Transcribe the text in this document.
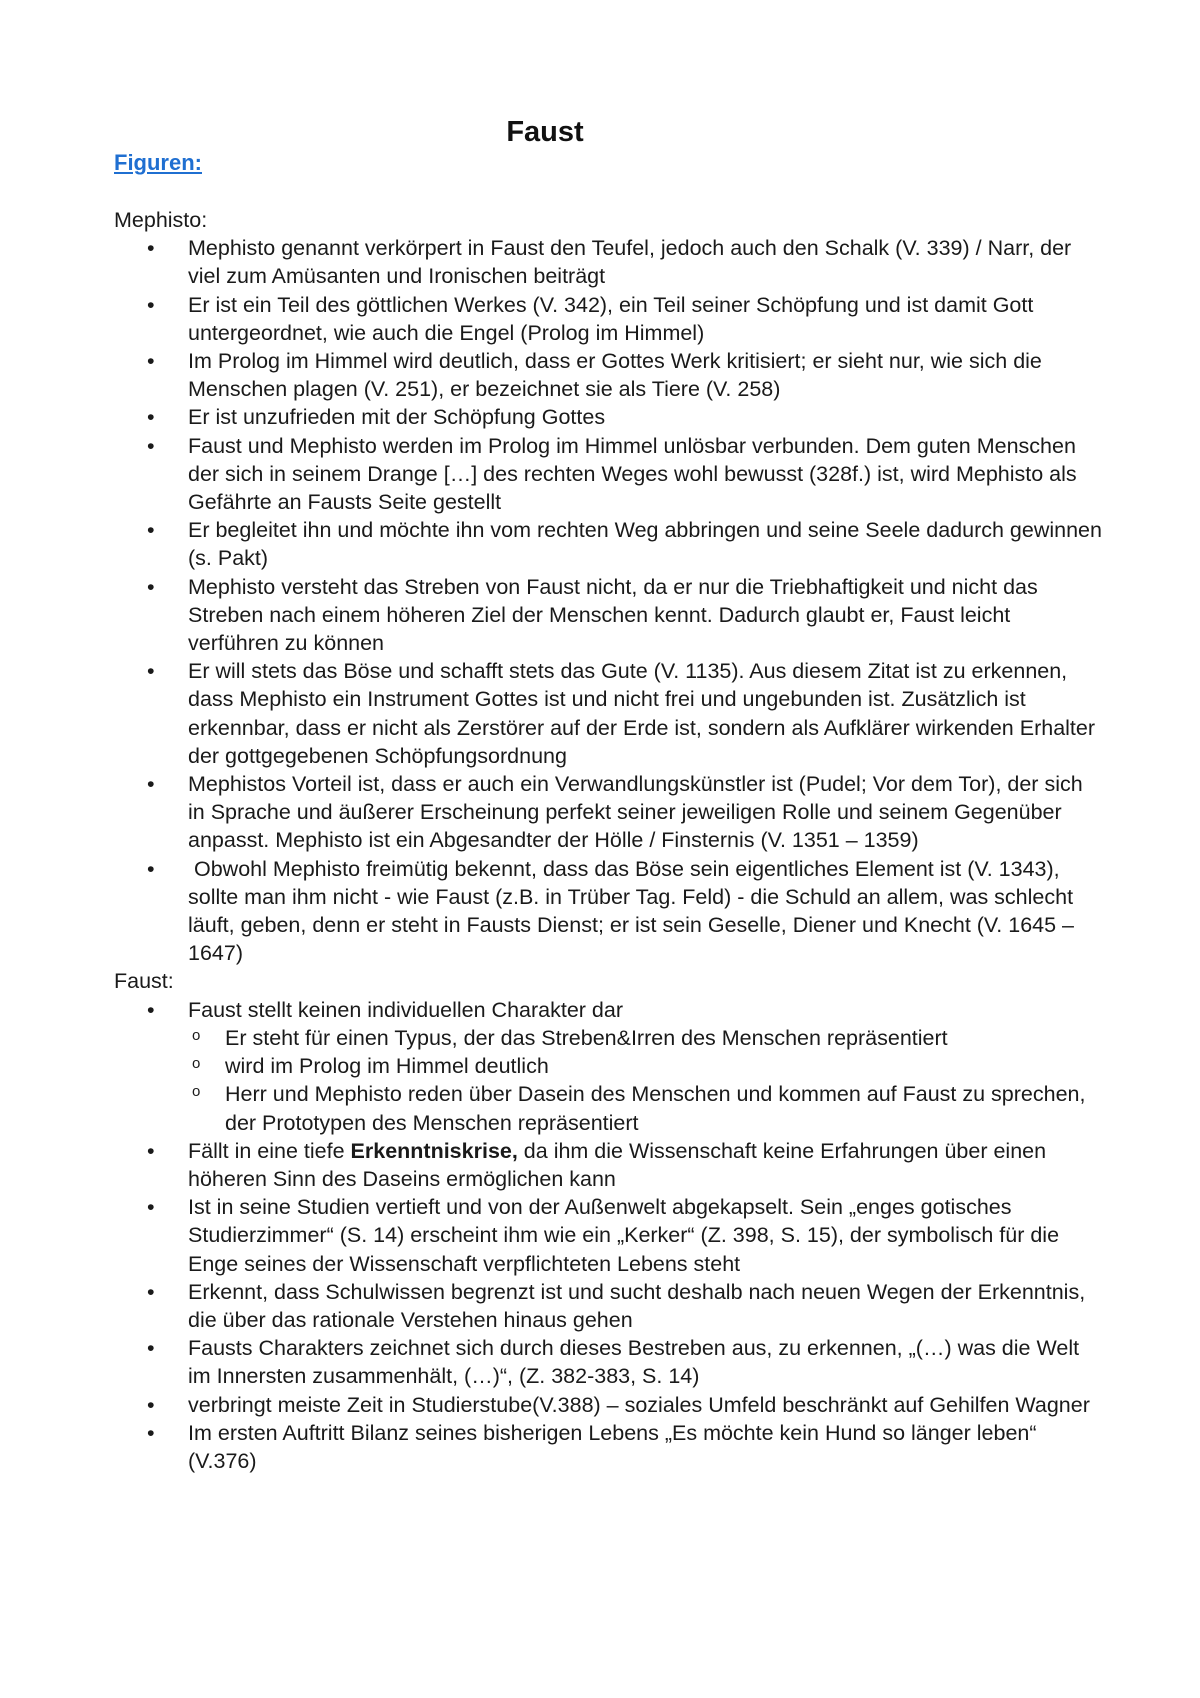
Faust
Figuren:

Mephisto:

• Mephisto genannt verkörpert in Faust den Teufel, jedoch auch den Schalk (V. 339) / Narr, der viel zum Amüsanten und Ironischen beiträgt
• Er ist ein Teil des göttlichen Werkes (V. 342), ein Teil seiner Schöpfung und ist damit Gott untergeordnet, wie auch die Engel (Prolog im Himmel)
• Im Prolog im Himmel wird deutlich, dass er Gottes Werk kritisiert; er sieht nur, wie sich die Menschen plagen (V. 251), er bezeichnet sie als Tiere (V. 258)
• Er ist unzufrieden mit der Schöpfung Gottes
• Faust und Mephisto werden im Prolog im Himmel unlösbar verbunden. Dem guten Menschen der sich in seinem Drange […] des rechten Weges wohl bewusst (328f.) ist, wird Mephisto als Gefährte an Fausts Seite gestellt
• Er begleitet ihn und möchte ihn vom rechten Weg abbringen und seine Seele dadurch gewinnen (s. Pakt)
• Mephisto versteht das Streben von Faust nicht, da er nur die Triebhaftigkeit und nicht das Streben nach einem höheren Ziel der Menschen kennt. Dadurch glaubt er, Faust leicht verführen zu können
• Er will stets das Böse und schafft stets das Gute (V. 1135). Aus diesem Zitat ist zu erkennen, dass Mephisto ein Instrument Gottes ist und nicht frei und ungebunden ist. Zusätzlich ist erkennbar, dass er nicht als Zerstörer auf der Erde ist, sondern als Aufklärer wirkenden Erhalter der gottgegebenen Schöpfungsordnung
• Mephistos Vorteil ist, dass er auch ein Verwandlungskünstler ist (Pudel; Vor dem Tor), der sich in Sprache und äußerer Erscheinung perfekt seiner jeweiligen Rolle und seinem Gegenüber anpasst. Mephisto ist ein Abgesandter der Hölle / Finsternis (V. 1351 – 1359)
•  Obwohl Mephisto freimütig bekennt, dass das Böse sein eigentliches Element ist (V. 1343), sollte man ihm nicht - wie Faust (z.B. in Trüber Tag. Feld) - die Schuld an allem, was schlecht läuft, geben, denn er steht in Fausts Dienst; er ist sein Geselle, Diener und Knecht (V. 1645 – 1647)

Faust:

• Faust stellt keinen individuellen Charakter dar
o Er steht für einen Typus, der das Streben&Irren des Menschen repräsentiert
o wird im Prolog im Himmel deutlich
o Herr und Mephisto reden über Dasein des Menschen und kommen auf Faust zu sprechen, der Prototypen des Menschen repräsentiert
• Fällt in eine tiefe Erkenntniskrise, da ihm die Wissenschaft keine Erfahrungen über einen höheren Sinn des Daseins ermöglichen kann
• Ist in seine Studien vertieft und von der Außenwelt abgekapselt. Sein „enges gotisches Studierzimmer“ (S. 14) erscheint ihm wie ein „Kerker“ (Z. 398, S. 15), der symbolisch für die Enge seines der Wissenschaft verpflichteten Lebens steht
• Erkennt, dass Schulwissen begrenzt ist und sucht deshalb nach neuen Wegen der Erkenntnis, die über das rationale Verstehen hinaus gehen
• Fausts Charakters zeichnet sich durch dieses Bestreben aus, zu erkennen, „(…) was die Welt im Innersten zusammenhält, (…)“, (Z. 382-383, S. 14)
• verbringt meiste Zeit in Studierstube(V.388) – soziales Umfeld beschränkt auf Gehilfen Wagner
• Im ersten Auftritt Bilanz seines bisherigen Lebens „Es möchte kein Hund so länger leben“ (V.376)
